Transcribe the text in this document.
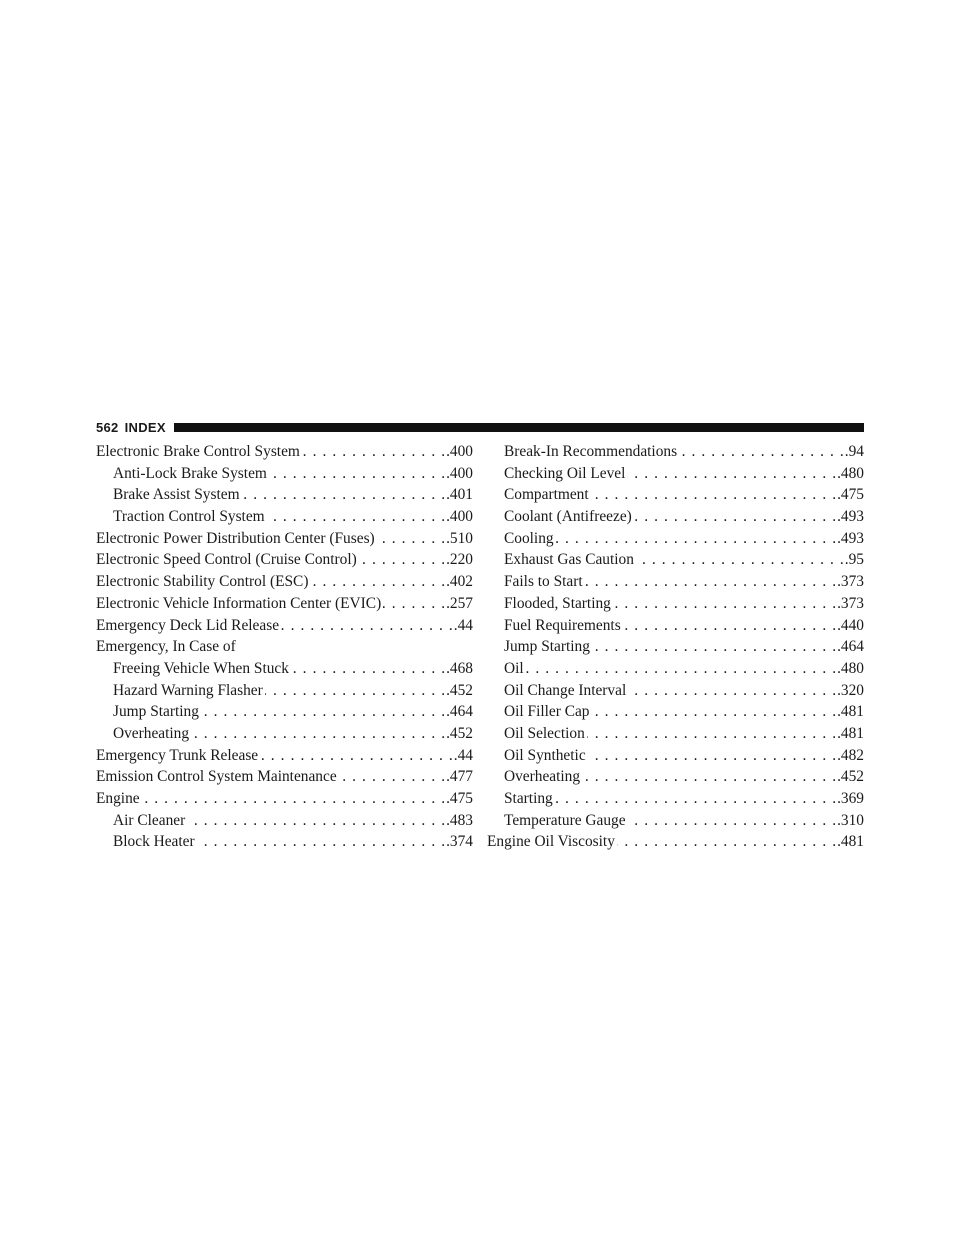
562 INDEX
Electronic Brake Control System . . .	.400
Anti-Lock Brake System . . .	.400
Brake Assist System . . .	.401
Traction Control System . . .	.400
Electronic Power Distribution Center (Fuses) . . .	.510
Electronic Speed Control (Cruise Control) . . .	.220
Electronic Stability Control (ESC) . . .	.402
Electronic Vehicle Information Center (EVIC) . . .	.257
Emergency Deck Lid Release . . .	.44
Emergency, In Case of
Freeing Vehicle When Stuck . . .	.468
Hazard Warning Flasher . . .	.452
Jump Starting . . .	.464
Overheating . . .	.452
Emergency Trunk Release . . .	.44
Emission Control System Maintenance . . .	.477
Engine . . .	.475
Air Cleaner . . .	.483
Block Heater . . .	.374
Break-In Recommendations . . .	.94
Checking Oil Level . . .	.480
Compartment . . .	.475
Coolant (Antifreeze) . . .	.493
Cooling . . .	.493
Exhaust Gas Caution . . .	.95
Fails to Start . . .	.373
Flooded, Starting . . .	.373
Fuel Requirements . . .	.440
Jump Starting . . .	.464
Oil . . .	.480
Oil Change Interval . . .	.320
Oil Filler Cap . . .	.481
Oil Selection . . .	.481
Oil Synthetic . . .	.482
Overheating . . .	.452
Starting . . .	.369
Temperature Gauge . . .	.310
Engine Oil Viscosity . . .	.481
